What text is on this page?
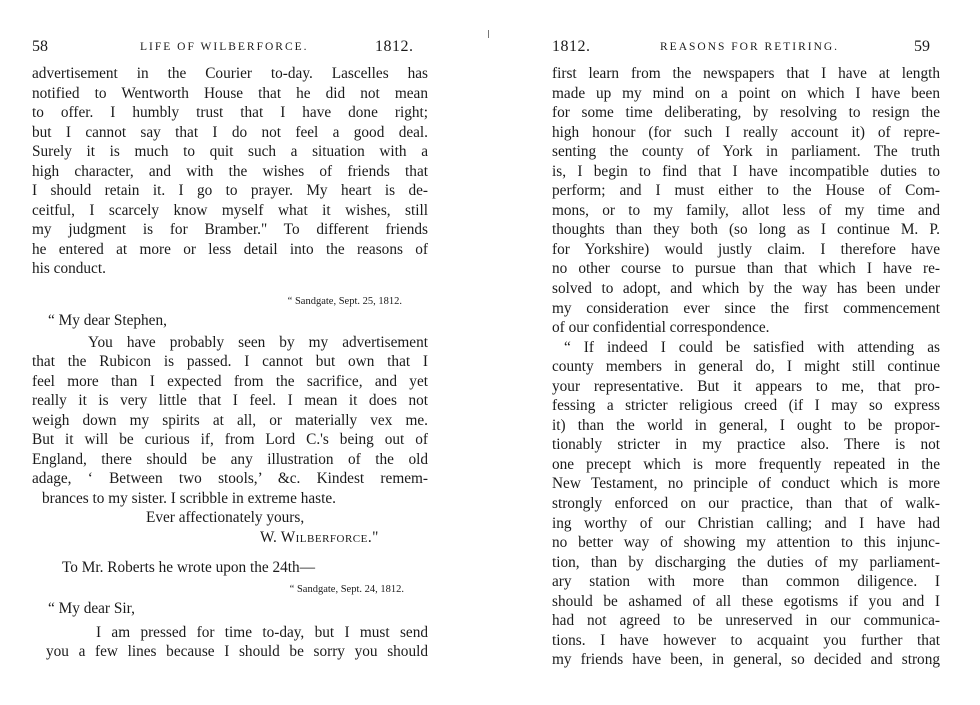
58	LIFE OF WILBERFORCE.	1812.
advertisement in the Courier to-day. Lascelles has
notified to Wentworth House that he did not mean
to offer. I humbly trust that I have done right;
but I cannot say that I do not feel a good deal.
Surely it is much to quit such a situation with a
high character, and with the wishes of friends that
I should retain it. I go to prayer. My heart is de-
ceitful, I scarcely know myself what it wishes, still
my judgment is for Bramber." To different friends
he entered at more or less detail into the reasons of
his conduct.
“ Sandgate, Sept. 25, 1812.
“ My dear Stephen,
You have probably seen by my advertisement
that the Rubicon is passed. I cannot but own that I
feel more than I expected from the sacrifice, and yet
really it is very little that I feel. I mean it does not
weigh down my spirits at all, or materially vex me.
But it will be curious if, from Lord C.'s being out of
England, there should be any illustration of the old
adage, ‘ Between two stools,’ &c. Kindest remem-
brances to my sister. I scribble in extreme haste.
Ever affectionately yours,
W. Wilberforce."
To Mr. Roberts he wrote upon the 24th—
“ Sandgate, Sept. 24, 1812.
“ My dear Sir,
I am pressed for time to-day, but I must send
you a few lines because I should be sorry you should
1812.	REASONS FOR RETIRING.	59
first learn from the newspapers that I have at length
made up my mind on a point on which I have been
for some time deliberating, by resolving to resign the
high honour (for such I really account it) of repre-
senting the county of York in parliament. The truth
is, I begin to find that I have incompatible duties to
perform; and I must either to the House of Com-
mons, or to my family, allot less of my time and
thoughts than they both (so long as I continue M. P.
for Yorkshire) would justly claim. I therefore have
no other course to pursue than that which I have re-
solved to adopt, and which by the way has been under
my consideration ever since the first commencement
of our confidential correspondence.
“ If indeed I could be satisfied with attending as
county members in general do, I might still continue
your representative. But it appears to me, that pro-
fessing a stricter religious creed (if I may so express
it) than the world in general, I ought to be propor-
tionably stricter in my practice also. There is not
one precept which is more frequently repeated in the
New Testament, no principle of conduct which is more
strongly enforced on our practice, than that of walk-
ing worthy of our Christian calling; and I have had
no better way of showing my attention to this injunc-
tion, than by discharging the duties of my parliament-
ary station with more than common diligence. I
should be ashamed of all these egotisms if you and I
had not agreed to be unreserved in our communica-
tions. I have however to acquaint you further that
my friends have been, in general, so decided and strong
